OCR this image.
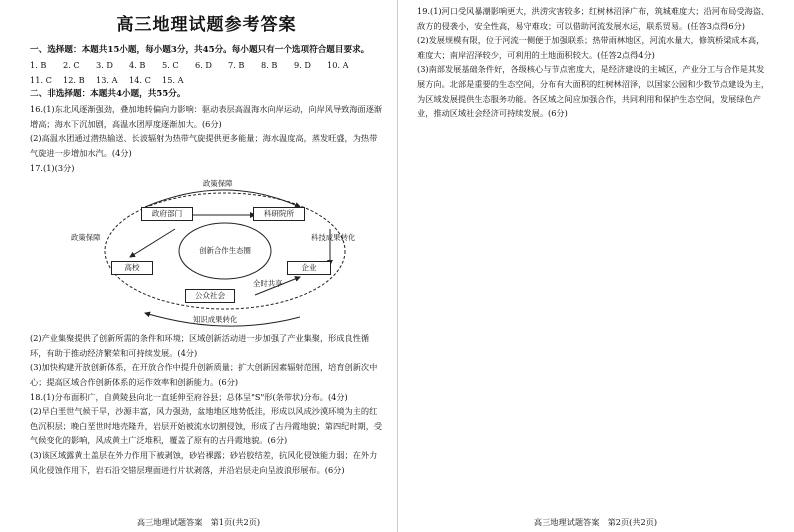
高三地理试题参考答案
一、选择题：本题共15小题，每小题3分，共45分。每小题只有一个选项符合题目要求。
1. B	2. C	3. D	4. B	5. C	6. D	7. B	8. B	9. D	10. A
11. C	12. B	13. A	14. C	15. A
二、非选择题：本题共4小题，共55分。

16.(1)东北风逐渐强劲，叠加地转偏向力影响：驱动表层高温海水向岸运动，向岸风导致海面逐渐增高；海水下沉加剧，高温水团厚度逐渐加大。(6分)

(2)高温水团通过潜热输送、长波辐射为热带气旋提供更多能量；海水温度高，蒸发旺盛，为热带气旋进一步增加水汽。(4分)

17.(1)(3分)

政策保障
政策保障	科技成果转化
知识成果转化
全时共享
政府部门	科研院所
高校	企业
公众社会
创新合作生态圈

(2)产业集聚提供了创新所需的条件和环境；区域创新活动进一步加强了产业集聚，形成良性循环，有助于推动经济繁荣和可持续发展。(4分)

(3)加快构建开放创新体系，在开放合作中提升创新质量；扩大创新因素辐射范围，培育创新次中心；提高区域合作创新体系的运作效率和创新能力。(6分)

18.(1)分布面积广，自黄陵县向北一直延伸至府谷县；总体呈"S"形(条带状)分布。(4分)

(2)早白垩世气候干旱，沙源丰富，风力强劲，盆地地区地势低洼，形成以风成沙漠环境为主的红色沉积层；晚白垩世时地壳隆升，岩层开始被流水切割侵蚀，形成了古丹霞地貌；第四纪时期，受气候变化的影响，风成黄土广泛堆积，覆盖了原有的古丹霞地貌。(6分)

(3)该区域露黄土盖层在外力作用下被剥蚀，砂岩裸露；砂岩胶结差，抗风化侵蚀能力弱；在外力风化侵蚀作用下，岩石沿交错层理面进行片状剥落，并沿岩层走向呈波浪形展布。(6分)

高三地理试题答案　第1页(共2页)

19.(1)河口受风暴潮影响更大，洪涝灾害较多；红树林沼泽广布，筑城难度大；沿河布局受海盗、敌方的侵袭小，安全性高，易守难攻；可以借助河流发展水运，联系贸易。(任答3点得6分)

(2)发展规模有限，位于河流一侧便于加强联系；热带雨林地区，河流水量大，修筑桥梁成本高，难度大；南岸沼泽较少，可利用的土地面积较大。(任答2点得4分)

(3)南部发展基础条件好，各级核心与节点密度大，是经济建设的主城区，产业分工与合作是其发展方向。北部是重要的生态空间，分布有大面积的红树林沼泽，以国家公园和少数节点建设为主，为区域发展提供生态服务功能。各区域之间应加强合作，共同利用和保护生态空间，发展绿色产业，推动区域社会经济可持续发展。(6分)

高三地理试题答案　第2页(共2页)
